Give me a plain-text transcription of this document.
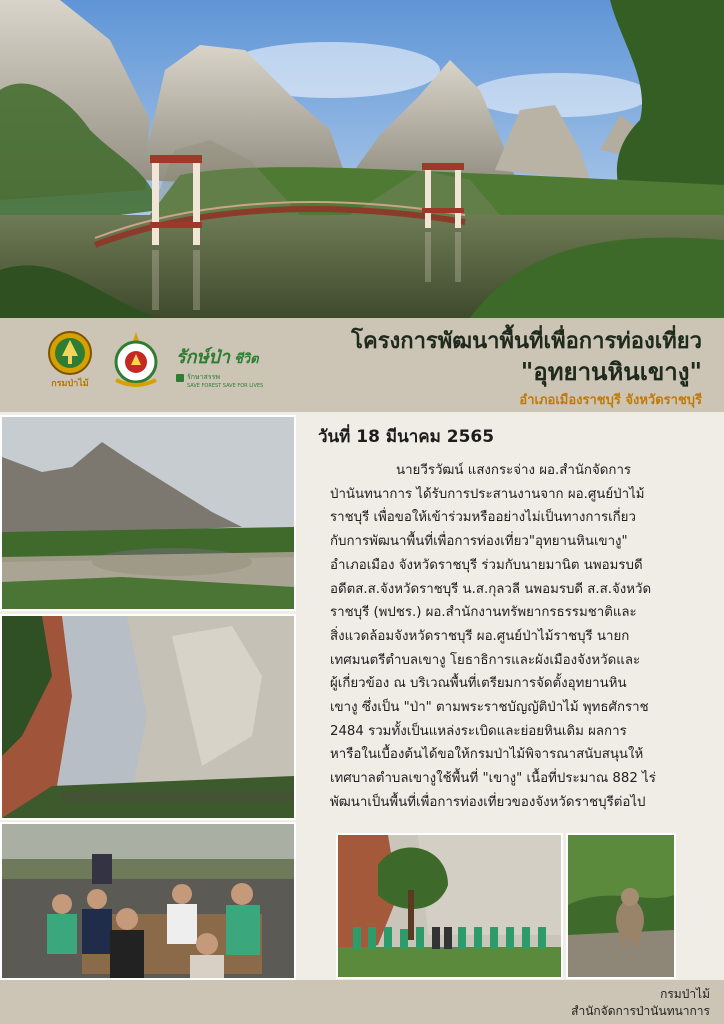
กรมป่าไม้
รักษ์ป่า ชีวิต
รักษาสรรพ
SAVE FOREST SAVE FOR LIVES
โครงการพัฒนาพื้นที่เพื่อการท่องเที่ยว
"อุทยานหินเขางู"
อำเภอเมืองราชบุรี จังหวัดราชบุรี
วันที่ 18 มีนาคม 2565
นายวีรวัฒน์ แสงกระจ่าง ผอ.สำนักจัดการ
ป่านันทนาการ ได้รับการประสานงานจาก ผอ.ศูนย์ป่าไม้
ราชบุรี เพื่อขอให้เข้าร่วมหรืออย่างไม่เป็นทางการเกี่ยว
กับการพัฒนาพื้นที่เพื่อการท่องเที่ยว"อุทยานหินเขางู"
อำเภอเมือง จังหวัดราชบุรี ร่วมกับนายมานิต นพอมรบดี
อดีตส.ส.จังหวัดราชบุรี น.ส.กุลวลี นพอมรบดี ส.ส.จังหวัด
ราชบุรี (พปชร.) ผอ.สำนักงานทรัพยากรธรรมชาติและ
สิ่งแวดล้อมจังหวัดราชบุรี ผอ.ศูนย์ป่าไม้ราชบุรี นายก
เทศมนตรีตำบลเขางู โยธาธิการและผังเมืองจังหวัดและ
ผู้เกี่ยวข้อง ณ บริเวณพื้นที่เตรียมการจัดตั้งอุทยานหิน
เขางู ซึ่งเป็น "ป่า" ตามพระราชบัญญัติป่าไม้ พุทธศักราช
2484 รวมทั้งเป็นแหล่งระเบิดและย่อยหินเดิม ผลการ
หารือในเบื้องต้นได้ขอให้กรมป่าไม้พิจารณาสนับสนุนให้
เทศบาลตำบลเขางูใช้พื้นที่ "เขางู" เนื้อที่ประมาณ 882 ไร่
พัฒนาเป็นพื้นที่เพื่อการท่องเที่ยวของจังหวัดราชบุรีต่อไป
กรมป่าไม้
สำนักจัดการป่านันทนาการ
